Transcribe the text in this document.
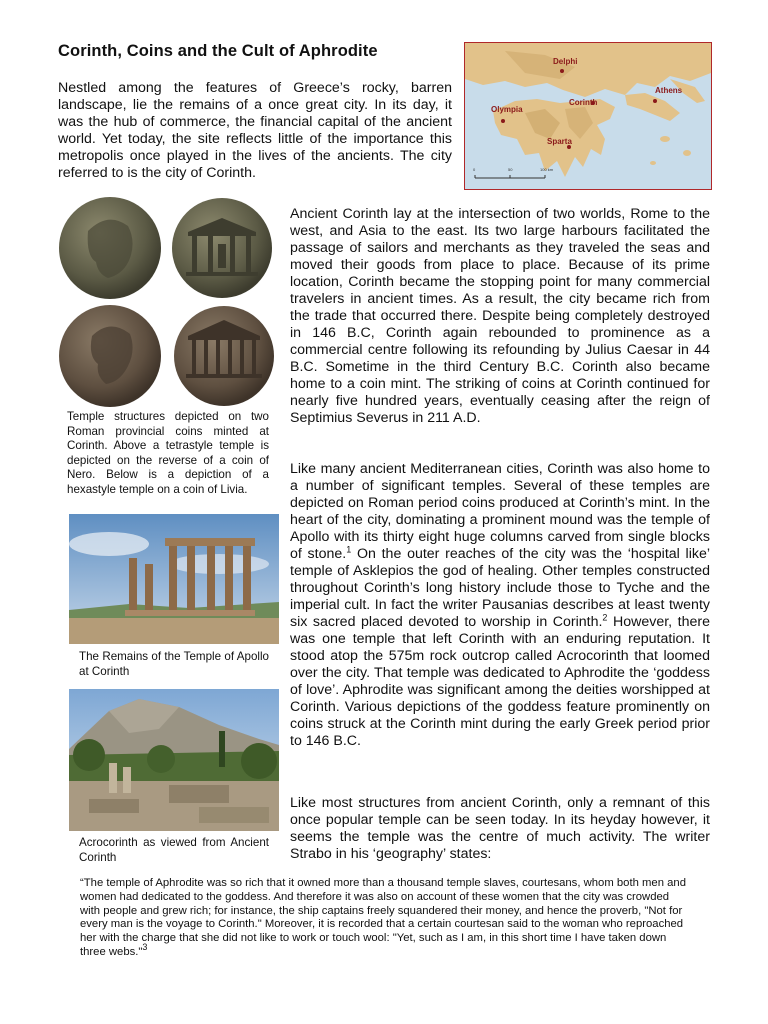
Corinth, Coins and the Cult of Aphrodite
Nestled among the features of Greece’s rocky, barren landscape, lie the remains of a once great city. In its day, it was the hub of commerce, the financial capital of the ancient world. Yet today, the site reflects little of the importance this metropolis once played in the lives of the ancients. The city referred to is the city of Corinth.
Delphi
Athens
Olympia
Corinth
Sparta
0	50	100 km
Temple structures depicted on two Roman provincial coins minted at Corinth. Above a tetrastyle temple is depicted on the reverse of a coin of Nero. Below is a depiction of a hexastyle temple on a coin of Livia.
The Remains of the Temple of Apollo at Corinth
Acrocorinth as viewed from Ancient Corinth
Ancient Corinth lay at the intersection of two worlds, Rome to the west, and Asia to the east. Its two large harbours facilitated the passage of sailors and merchants as they traveled the seas and moved their goods from place to place. Because of its prime location, Corinth became the stopping point for many commercial travelers in ancient times. As a result, the city became rich from the trade that occurred there. Despite being completely destroyed in 146 B.C, Corinth again rebounded to prominence as a commercial centre following its refounding by Julius Caesar in 44 B.C. Sometime in the third Century B.C. Corinth also became home to a coin mint. The striking of coins at Corinth continued for nearly five hundred years, eventually ceasing after the reign of Septimius Severus in 211 A.D.
Like many ancient Mediterranean cities, Corinth was also home to a number of significant temples. Several of these temples are depicted on Roman period coins produced at Corinth’s mint. In the heart of the city, dominating a prominent mound was the temple of Apollo with its thirty eight huge columns carved from single blocks of stone.$^1$ On the outer reaches of the city was the ‘hospital like’ temple of Asklepios the god of healing. Other temples constructed throughout Corinth’s long history include those to Tyche and the imperial cult. In fact the writer Pausanias describes at least twenty six sacred placed devoted to worship in Corinth.$^2$ However, there was one temple that left Corinth with an enduring reputation. It stood atop the 575m rock outcrop called Acrocorinth that loomed over the city. That temple was dedicated to Aphrodite the ‘goddess of love’. Aphrodite was significant among the deities worshipped at Corinth. Various depictions of the goddess feature prominently on coins struck at the Corinth mint during the early Greek period prior to 146 B.C.
Like most structures from ancient Corinth, only a remnant of this once popular temple can be seen today. In its heyday however, it seems the temple was the centre of much activity. The writer Strabo in his ‘geography’ states:
“The temple of Aphrodite was so rich that it owned more than a thousand temple slaves, courtesans, whom both men and women had dedicated to the goddess. And therefore it was also on account of these women that the city was crowded with people and grew rich; for instance, the ship captains freely squandered their money, and hence the proverb, "Not for every man is the voyage to Corinth." Moreover, it is recorded that a certain courtesan said to the woman who reproached her with the charge that she did not like to work or touch wool: "Yet, such as I am, in this short time I have taken down three webs."$^3$
